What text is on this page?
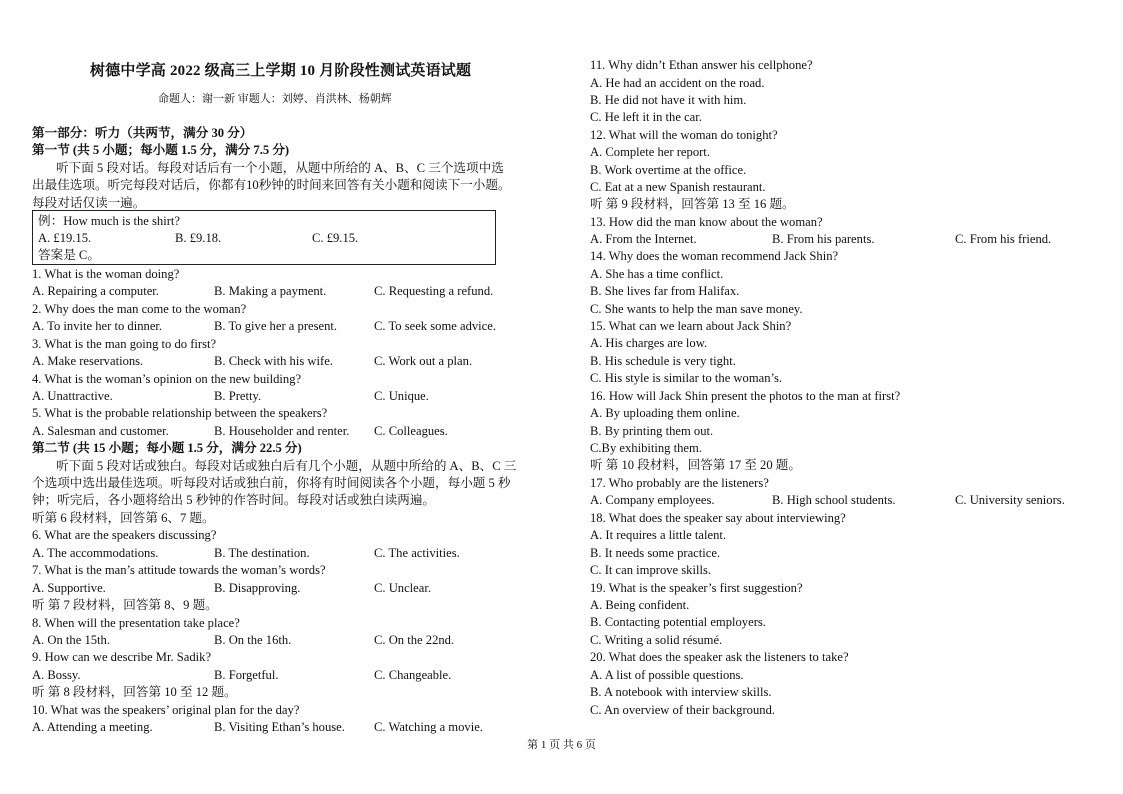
树德中学高 2022 级高三上学期 10 月阶段性测试英语试题
命题人：谢一新 审题人：刘婷、肖洪林、杨朝辉
第一部分：听力（共两节，满分 30 分）
第一节 (共 5 小题；每小题 1.5 分，满分 7.5 分)
听下面 5 段对话。每段对话后有一个小题，从题中所给的 A、B、C 三个选项中选
出最佳选项。听完每段对话后，你都有10秒钟的时间来回答有关小题和阅读下一小题。
每段对话仅读一遍。
例：How much is the shirt?
A. £19.15.	B. £9.18.	C. £9.15.
答案是 C。
1. What is the woman doing?
A. Repairing a computer.	B. Making a payment.	C. Requesting a refund.
2. Why does the man come to the woman?
A. To invite her to dinner.	B. To give her a present.	C. To seek some advice.
3. What is the man going to do first?
A. Make reservations.	B. Check with his wife.	C. Work out a plan.
4. What is the woman’s opinion on the new building?
A. Unattractive.	B. Pretty.	C. Unique.
5. What is the probable relationship between the speakers?
A. Salesman and customer.	B. Householder and renter. C. Colleagues.
第二节 (共 15 小题；每小题 1.5 分，满分 22.5 分)
听下面 5 段对话或独白。每段对话或独白后有几个小题，从题中所给的 A、B、C 三
个选项中选出最佳选项。听每段对话或独白前，你将有时间阅读各个小题，每小题 5 秒
钟；听完后，各小题将给出 5 秒钟的作答时间。每段对话或独白读两遍。
听第 6 段材料，回答第 6、7 题。
6. What are the speakers discussing?
A. The accommodations.	B. The destination.	C. The activities.
7. What is the man’s attitude towards the woman’s words?
A. Supportive.	B. Disapproving.	C. Unclear.
听 第 7 段材料，回答第 8、9 题。
8. When will the presentation take place?
A. On the 15th.	B. On the 16th.	C. On the 22nd.
9. How can we describe Mr. Sadik?
A. Bossy.	B. Forgetful.	C. Changeable.
听 第 8 段材料，回答第 10 至 12 题。
10. What was the speakers’ original plan for the day?
A. Attending a meeting.	B. Visiting Ethan’s house. C. Watching a movie.
11. Why didn’t Ethan answer his cellphone?
A. He had an accident on the road.
B. He did not have it with him.
C. He left it in the car.
12. What will the woman do tonight?
A. Complete her report.
B. Work overtime at the office.
C. Eat at a new Spanish restaurant.
听 第 9 段材料，回答第 13 至 16 题。
13. How did the man know about the woman?
A. From the Internet.	B. From his parents.	C. From his friend.
14. Why does the woman recommend Jack Shin?
A. She has a time conflict.
B. She lives far from Halifax.
C. She wants to help the man save money.
15. What can we learn about Jack Shin?
A. His charges are low.
B. His schedule is very tight.
C. His style is similar to the woman’s.
16. How will Jack Shin present the photos to the man at first?
A. By uploading them online.
B. By printing them out.
C.By exhibiting them.
听 第 10 段材料，回答第 17 至 20 题。
17. Who probably are the listeners?
A. Company employees.	B. High school students.	C. University seniors.
18. What does the speaker say about interviewing?
A. It requires a little talent.
B. It needs some practice.
C. It can improve skills.
19. What is the speaker’s first suggestion?
A. Being confident.
B. Contacting potential employers.
C. Writing a solid résumé.
20. What does the speaker ask the listeners to take?
A. A list of possible questions.
B. A notebook with interview skills.
C. An overview of their background.
第 1 页 共 6 页
